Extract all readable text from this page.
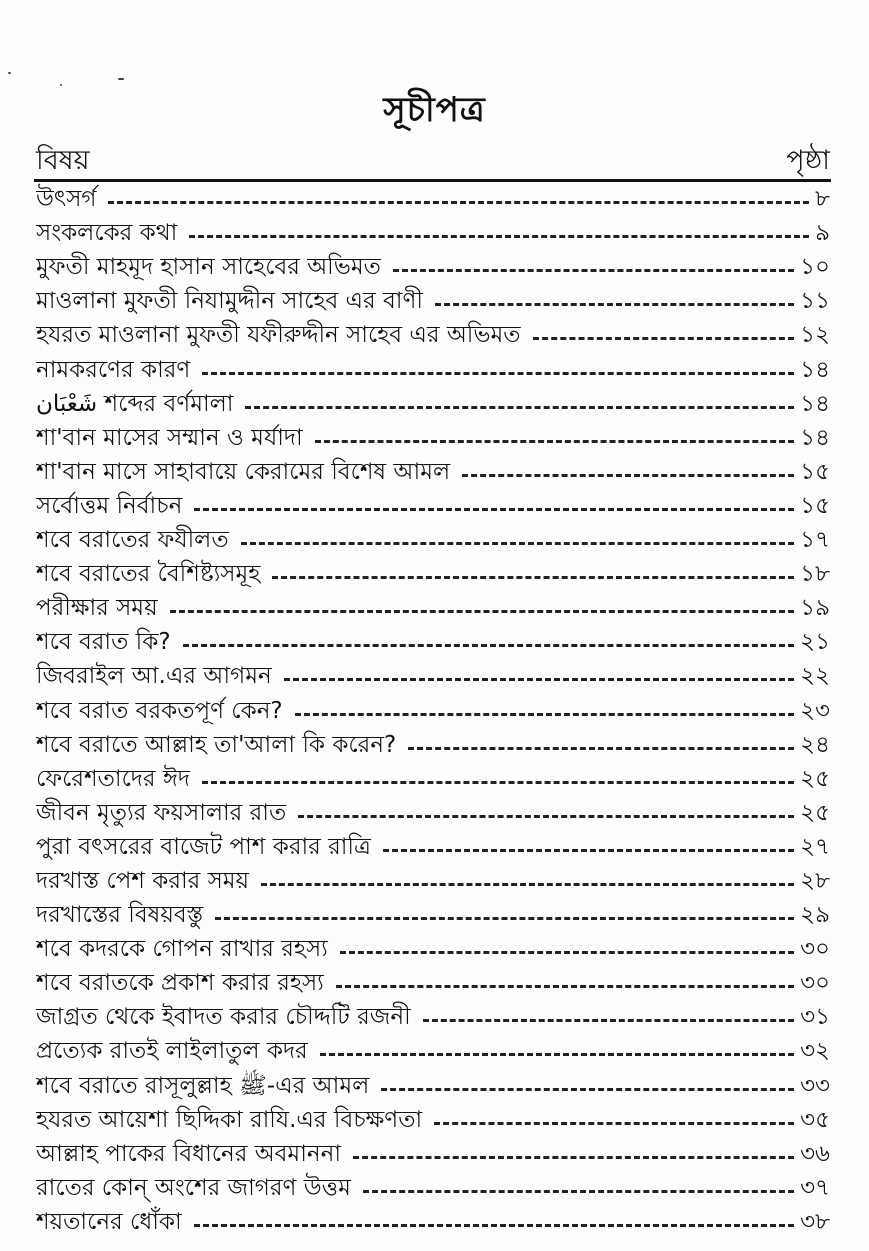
সূচীপত্র
বিষয়	পৃষ্ঠা
উৎসর্গ	৮
সংকলকের কথা	৯
মুফতী মাহমূদ হাসান সাহেবের অভিমত	১০
মাওলানা মুফতী নিযামুদ্দীন সাহেব এর বাণী	১১
হযরত মাওলানা মুফতী যফীরুদ্দীন সাহেব এর অভিমত	১২
নামকরণের কারণ	১৪
شَعْبَان শব্দের বর্ণমালা	১৪
শা'বান মাসের সম্মান ও মর্যাদা	১৪
শা'বান মাসে সাহাবায়ে কেরামের বিশেষ আমল	১৫
সর্বোত্তম নির্বাচন	১৫
শবে বরাতের ফযীলত	১৭
শবে বরাতের বৈশিষ্ট্যসমূহ	১৮
পরীক্ষার সময়	১৯
শবে বরাত কি?	২১
জিবরাইল আ.এর আগমন	২২
শবে বরাত বরকতপূর্ণ কেন?	২৩
শবে বরাতে আল্লাহ তা'আলা কি করেন?	২৪
ফেরেশতাদের ঈদ	২৫
জীবন মৃত্যুর ফয়সালার রাত	২৫
পুরা বৎসরের বাজেট পাশ করার রাত্রি	২৭
দরখাস্ত পেশ করার সময়	২৮
দরখাস্তের বিষয়বস্তু	২৯
শবে কদরকে গোপন রাখার রহস্য	৩০
শবে বরাতকে প্রকাশ করার রহস্য	৩০
জাগ্রত থেকে ইবাদত করার চৌদ্দটি রজনী	৩১
প্রত্যেক রাতই লাইলাতুল কদর	৩২
শবে বরাতে রাসূলুল্লাহ ﷺ-এর আমল	৩৩
হযরত আয়েশা ছিদ্দিকা রাযি.এর বিচক্ষণতা	৩৫
আল্লাহ পাকের বিধানের অবমাননা	৩৬
রাতের কোন্ অংশের জাগরণ উত্তম	৩৭
শয়তানের ধোঁকা	৩৮
